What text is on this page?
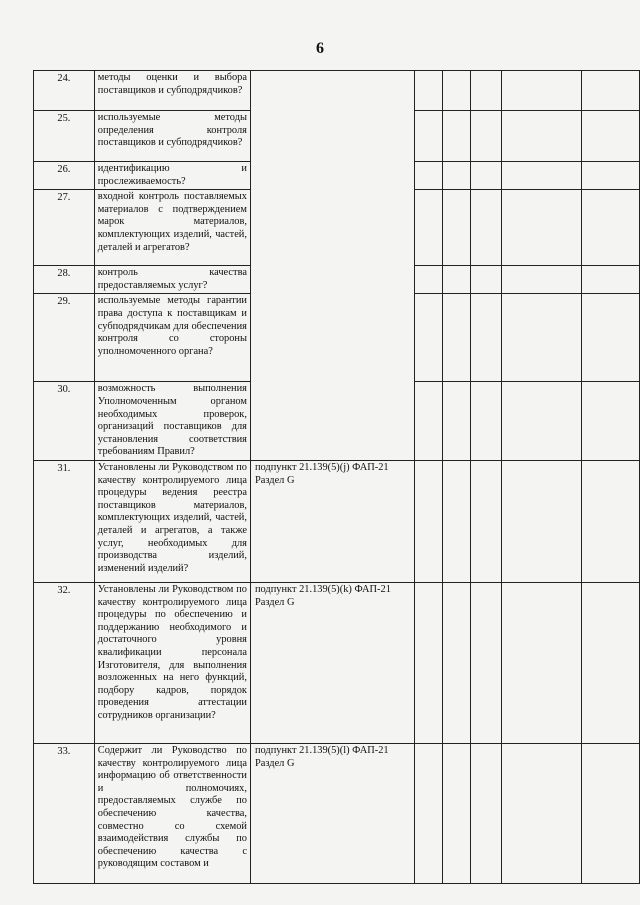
6
24.	методы оценки и выбора поставщиков и субподрядчиков?						
25.	используемые методы определения контроля поставщиков и субподрядчиков?						
26.	идентификацию и прослеживаемость?						
27.	входной контроль поставляемых материалов с подтверждением марок материалов, комплектующих изделий, частей, деталей и агрегатов?						
28.	контроль качества предоставляемых услуг?						
29.	используемые методы гарантии права доступа к поставщикам и субподрядчикам для обеспечения контроля со стороны уполномоченного органа?						
30.	возможность выполнения Уполномоченным органом необходимых проверок, организаций поставщиков для установления соответствия требованиям Правил?						
31.	Установлены ли Руководством по качеству контролируемого лица процедуры ведения реестра поставщиков материалов, комплектующих изделий, частей, деталей и агрегатов, а также услуг, необходимых для производства изделий, изменений изделий?	подпункт 21.139(5)(j) ФАП-21 Раздел G					
32.	Установлены ли Руководством по качеству контролируемого лица процедуры по обеспечению и поддержанию необходимого и достаточного уровня квалификации персонала Изготовителя, для выполнения возложенных на него функций, подбору кадров, порядок проведения аттестации сотрудников организации?	подпункт 21.139(5)(k) ФАП-21 Раздел G					
33.	Содержит ли Руководство по качеству контролируемого лица информацию об ответственности и полномочиях, предоставляемых службе по обеспечению качества, совместно со схемой взаимодействия службы по обеспечению качества с руководящим составом и	подпункт 21.139(5)(l) ФАП-21 Раздел G					
